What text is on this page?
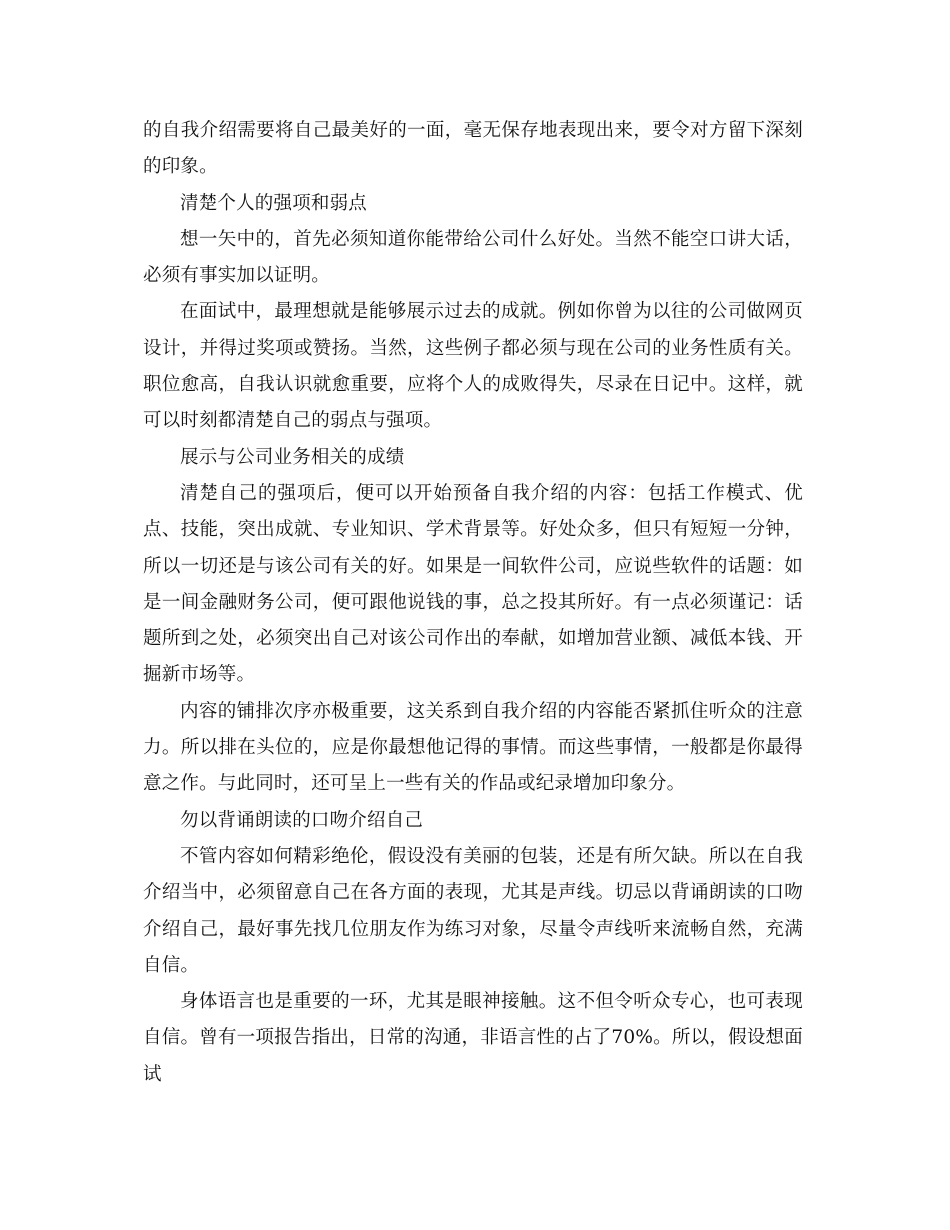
的自我介绍需要将自己最美好的一面，毫无保存地表现出来，要令对方留下深刻的印象。

清楚个人的强项和弱点

想一矢中的，首先必须知道你能带给公司什么好处。当然不能空口讲大话，必须有事实加以证明。

在面试中，最理想就是能够展示过去的成就。例如你曾为以往的公司做网页设计，并得过奖项或赞扬。当然，这些例子都必须与现在公司的业务性质有关。职位愈高，自我认识就愈重要，应将个人的成败得失，尽录在日记中。这样，就可以时刻都清楚自己的弱点与强项。

展示与公司业务相关的成绩

清楚自己的强项后，便可以开始预备自我介绍的内容：包括工作模式、优点、技能，突出成就、专业知识、学术背景等。好处众多，但只有短短一分钟，所以一切还是与该公司有关的好。如果是一间软件公司，应说些软件的话题：如是一间金融财务公司，便可跟他说钱的事，总之投其所好。有一点必须谨记：话题所到之处，必须突出自己对该公司作出的奉献，如增加营业额、减低本钱、开掘新市场等。

内容的铺排次序亦极重要，这关系到自我介绍的内容能否紧抓住听众的注意力。所以排在头位的，应是你最想他记得的事情。而这些事情，一般都是你最得意之作。与此同时，还可呈上一些有关的作品或纪录增加印象分。

勿以背诵朗读的口吻介绍自己

不管内容如何精彩绝伦，假设没有美丽的包装，还是有所欠缺。所以在自我介绍当中，必须留意自己在各方面的表现，尤其是声线。切忌以背诵朗读的口吻介绍自己，最好事先找几位朋友作为练习对象，尽量令声线听来流畅自然，充满自信。

身体语言也是重要的一环，尤其是眼神接触。这不但令听众专心，也可表现自信。曾有一项报告指出，日常的沟通，非语言性的占了70%。所以，假设想面试
